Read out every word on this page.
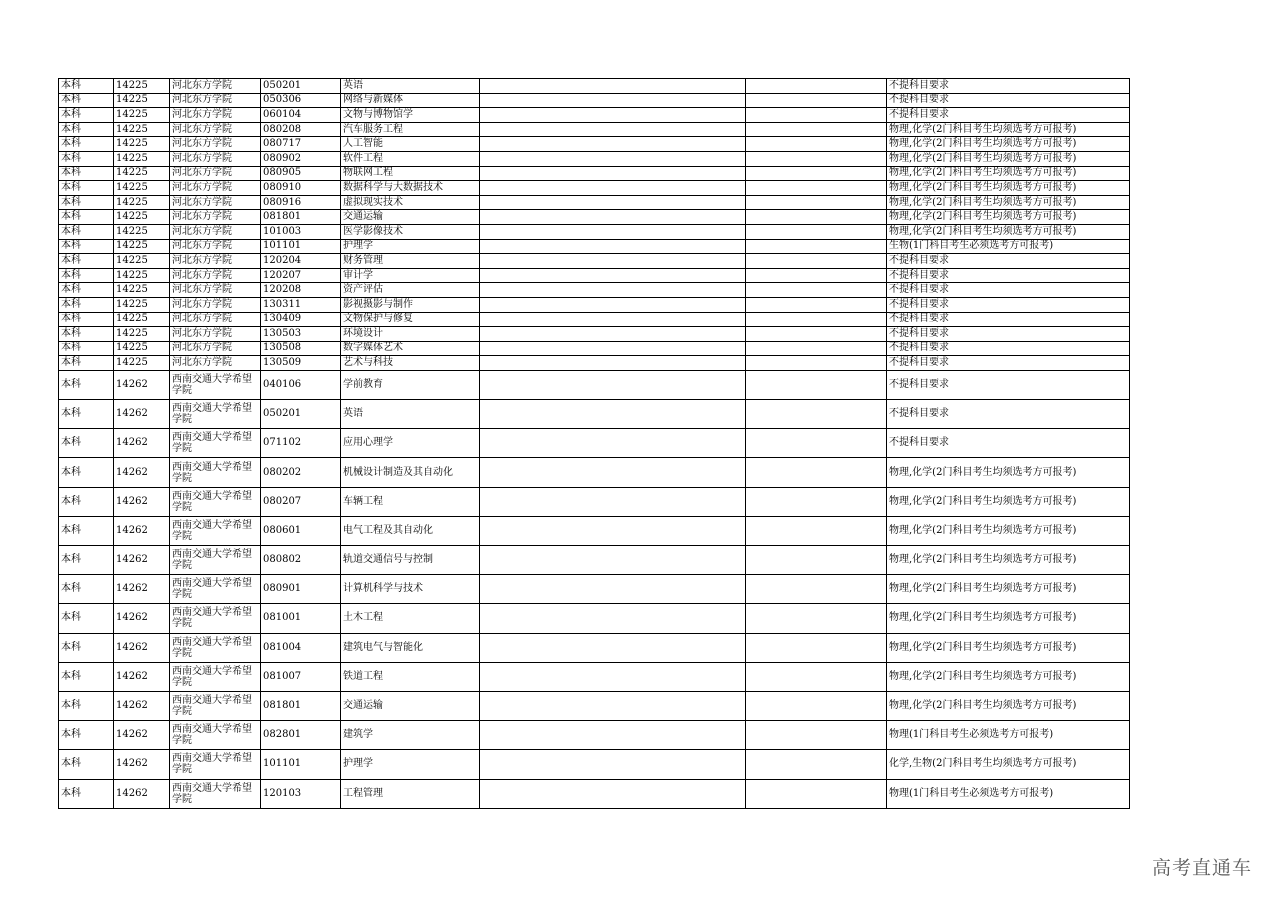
本科	14225	河北东方学院	050201	英语			不提科目要求
本科	14225	河北东方学院	050306	网络与新媒体			不提科目要求
本科	14225	河北东方学院	060104	文物与博物馆学			不提科目要求
本科	14225	河北东方学院	080208	汽车服务工程			物理,化学(2门科目考生均须选考方可报考)
本科	14225	河北东方学院	080717	人工智能			物理,化学(2门科目考生均须选考方可报考)
本科	14225	河北东方学院	080902	软件工程			物理,化学(2门科目考生均须选考方可报考)
本科	14225	河北东方学院	080905	物联网工程			物理,化学(2门科目考生均须选考方可报考)
本科	14225	河北东方学院	080910	数据科学与大数据技术			物理,化学(2门科目考生均须选考方可报考)
本科	14225	河北东方学院	080916	虚拟现实技术			物理,化学(2门科目考生均须选考方可报考)
本科	14225	河北东方学院	081801	交通运输			物理,化学(2门科目考生均须选考方可报考)
本科	14225	河北东方学院	101003	医学影像技术			物理,化学(2门科目考生均须选考方可报考)
本科	14225	河北东方学院	101101	护理学			生物(1门科目考生必须选考方可报考)
本科	14225	河北东方学院	120204	财务管理			不提科目要求
本科	14225	河北东方学院	120207	审计学			不提科目要求
本科	14225	河北东方学院	120208	资产评估			不提科目要求
本科	14225	河北东方学院	130311	影视摄影与制作			不提科目要求
本科	14225	河北东方学院	130409	文物保护与修复			不提科目要求
本科	14225	河北东方学院	130503	环境设计			不提科目要求
本科	14225	河北东方学院	130508	数字媒体艺术			不提科目要求
本科	14225	河北东方学院	130509	艺术与科技			不提科目要求
本科	14262	西南交通大学希望学院	040106	学前教育			不提科目要求
本科	14262	西南交通大学希望学院	050201	英语			不提科目要求
本科	14262	西南交通大学希望学院	071102	应用心理学			不提科目要求
本科	14262	西南交通大学希望学院	080202	机械设计制造及其自动化			物理,化学(2门科目考生均须选考方可报考)
本科	14262	西南交通大学希望学院	080207	车辆工程			物理,化学(2门科目考生均须选考方可报考)
本科	14262	西南交通大学希望学院	080601	电气工程及其自动化			物理,化学(2门科目考生均须选考方可报考)
本科	14262	西南交通大学希望学院	080802	轨道交通信号与控制			物理,化学(2门科目考生均须选考方可报考)
本科	14262	西南交通大学希望学院	080901	计算机科学与技术			物理,化学(2门科目考生均须选考方可报考)
本科	14262	西南交通大学希望学院	081001	土木工程			物理,化学(2门科目考生均须选考方可报考)
本科	14262	西南交通大学希望学院	081004	建筑电气与智能化			物理,化学(2门科目考生均须选考方可报考)
本科	14262	西南交通大学希望学院	081007	铁道工程			物理,化学(2门科目考生均须选考方可报考)
本科	14262	西南交通大学希望学院	081801	交通运输			物理,化学(2门科目考生均须选考方可报考)
本科	14262	西南交通大学希望学院	082801	建筑学			物理(1门科目考生必须选考方可报考)
本科	14262	西南交通大学希望学院	101101	护理学			化学,生物(2门科目考生均须选考方可报考)
本科	14262	西南交通大学希望学院	120103	工程管理			物理(1门科目考生必须选考方可报考)
高考直通车
